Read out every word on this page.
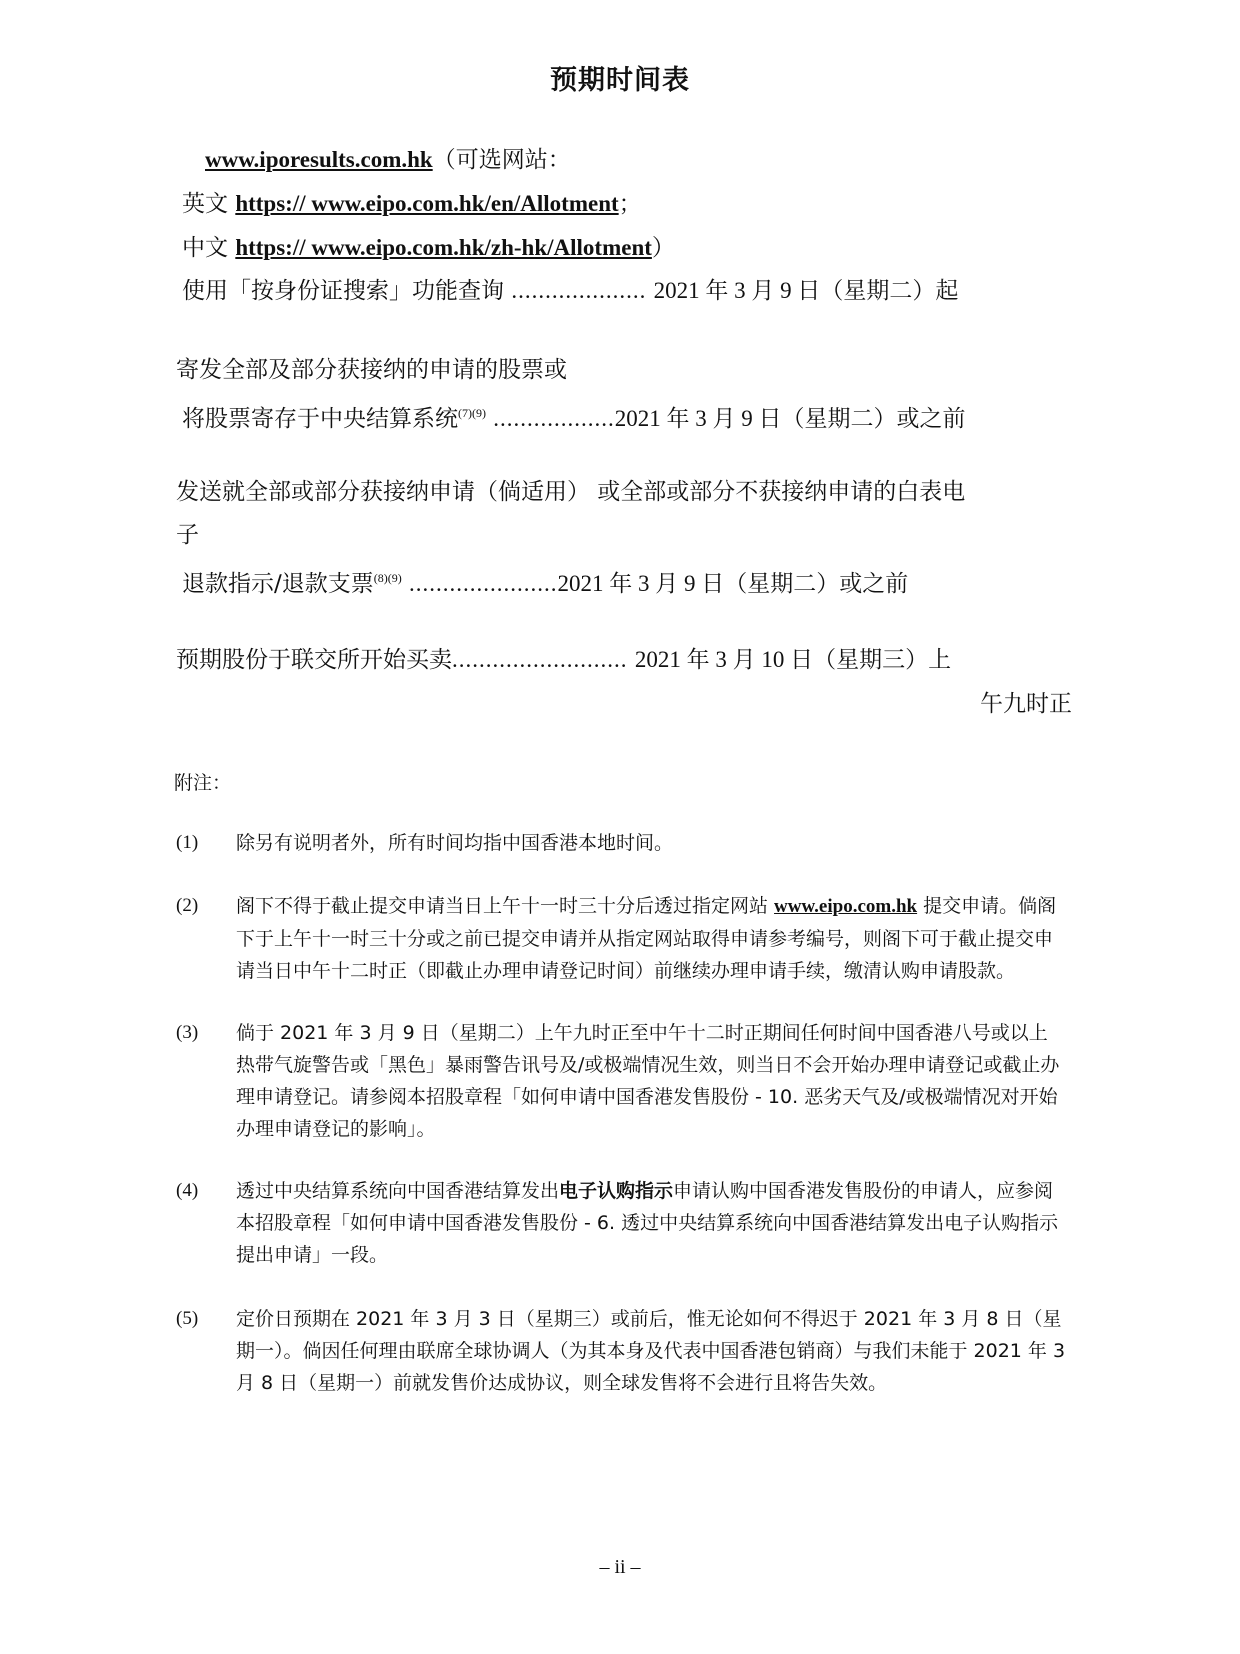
预期时间表
www.iporesults.com.hk（可选网站：
英文 https:// www.eipo.com.hk/en/Allotment；
中文 https:// www.eipo.com.hk/zh-hk/Allotment）
使用「按身份证搜索」功能查询 .................... 2021 年 3 月 9 日（星期二）起
寄发全部及部分获接纳的申请的股票或
将股票寄存于中央结算系统$^{(7)(9)}$ ..................2021 年 3 月 9 日（星期二）或之前
发送就全部或部分获接纳申请（倘适用） 或全部或部分不获接纳申请的白表电
子
退款指示∕退款支票$^{(8)(9)}$ ......................2021 年 3 月 9 日（星期二）或之前
预期股份于联交所开始买卖.......................... 2021 年 3 月 10 日（星期三）上
午九时正
附注：
(1) 除另有说明者外，所有时间均指中国香港本地时间。
(2) 阁下不得于截止提交申请当日上午十一时三十分后透过指定网站 www.eipo.com.hk 提交申请。倘阁下于上午十一时三十分或之前已提交申请并从指定网站取得申请参考编号，则阁下可于截止提交申请当日中午十二时正（即截止办理申请登记时间）前继续办理申请手续，缴清认购申请股款。
(3) 倘于 2021 年 3 月 9 日（星期二）上午九时正至中午十二时正期间任何时间中国香港八号或以上热带气旋警告或「黑色」暴雨警告讯号及∕或极端情况生效，则当日不会开始办理申请登记或截止办理申请登记。请参阅本招股章程「如何申请中国香港发售股份 - 10. 恶劣天气及∕或极端情况对开始办理申请登记的影响」。
(4) 透过中央结算系统向中国香港结算发出电子认购指示申请认购中国香港发售股份的申请人，应参阅本招股章程「如何申请中国香港发售股份 - 6. 透过中央结算系统向中国香港结算发出电子认购指示提出申请」一段。
(5) 定价日预期在 2021 年 3 月 3 日（星期三）或前后，惟无论如何不得迟于 2021 年 3 月 8 日（星期一）。倘因任何理由联席全球协调人（为其本身及代表中国香港包销商）与我们未能于 2021 年 3 月 8 日（星期一）前就发售价达成协议，则全球发售将不会进行且将告失效。
– ii –
